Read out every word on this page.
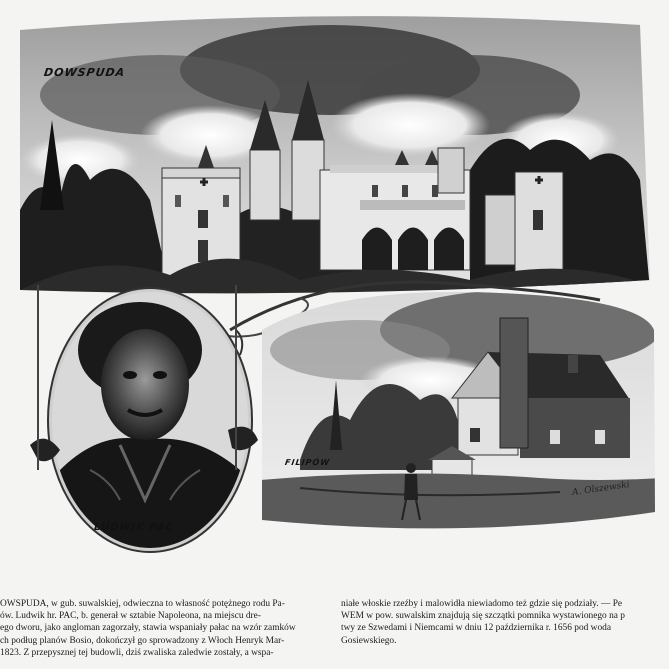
DOWSPUDA
LUDWIK PAC
FILIPÓW
A. Olszewski

OWSPUDA, w gub. suwalskiej, odwieczna to własność potężnego rodu Pa-

ów. Ludwik hr. PAC, b. generał w sztabie Napoleona, na miejscu dre-

ego dworu, jako angloman zagorzały, stawia wspaniały pałac na wzór zamków

ch podług planów Bosio, dokończył go sprowadzony z Włoch Henryk Mar-

1823. Z przepysznej tej budowli, dziś zwaliska zaledwie zostały, a wspa-

niałe włoskie rzeźby i malowidła niewiadomo też gdzie się podziały. — Pe

WEM w pow. suwalskim znajdują się szczątki pomnika wystawionego na p

twy ze Szwedami i Niemcami w dniu 12 października r. 1656 pod woda

Gosiewskiego.
